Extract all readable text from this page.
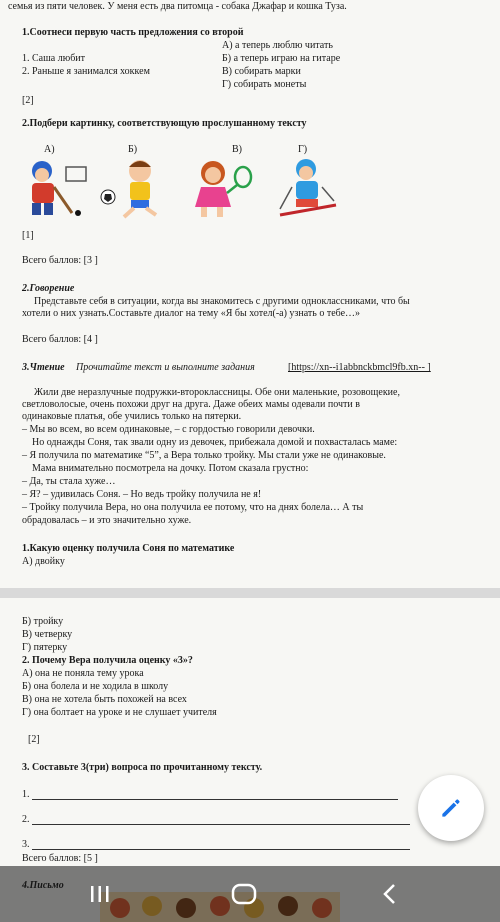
семья из пяти человек. У меня есть два питомца - собака Джафар и кошка Туза.
1.Соотнеси первую часть предложения со второй
А) а теперь люблю читать
1. Саша любит	Б) а теперь играю на гитаре
2. Раньше я занимался хоккем	В) собирать марки
Г) собирать монеты
[2]
2.Подбери картинку, соответствующую прослушанному тексту
А)	Б)	В)	Г)
[1]
Всего баллов: [3 ]
2.Говорение
Представьте себя в ситуации, когда вы знакомитесь с другими одноклассниками, что бы
хотели о них узнать.Составьте диалог на тему «Я бы хотел(-а) узнать о тебе…»
Всего баллов: [4 ]
3.Чтение Прочитайте текст и выполните задания	[https://xn--i1abbnckbmcl9fb.xn-- ]
Жили две неразлучные подружки-второклассницы. Обе они маленькие, розовощекие,
светловолосые, очень похожи друг на друга. Даже обеих мамы одевали почти в
одинаковые платья, обе учились только на пятерки.
– Мы во всем, во всем одинаковые, – с гордостью говорили девочки.
Но однажды Соня, так звали одну из девочек, прибежала домой и похвасталась маме:
– Я получила по математике “5”, а Вера только тройку. Мы стали уже не одинаковые.
Мама внимательно посмотрела на дочку. Потом сказала грустно:
– Да, ты стала хуже…
– Я? – удивилась Соня. – Но ведь тройку получила не я!
– Тройку получила Вера, но она получила ее потому, что на днях болела… А ты
обрадовалась – и это значительно хуже.
1.Какую оценку получила Соня по математике
А) двойку
Б) тройку
В) четверку
Г) пятерку
2. Почему Вера получила оценку «3»?
А) она не поняла тему урока
Б) она болела и не ходила в школу
В) она не хотела быть похожей на всех
Г) она болтает на уроке и не слушает учителя
[2]
3. Составьте 3(три) вопроса по прочитанному тексту.
1.
2.
3.
Всего баллов: [5 ]
